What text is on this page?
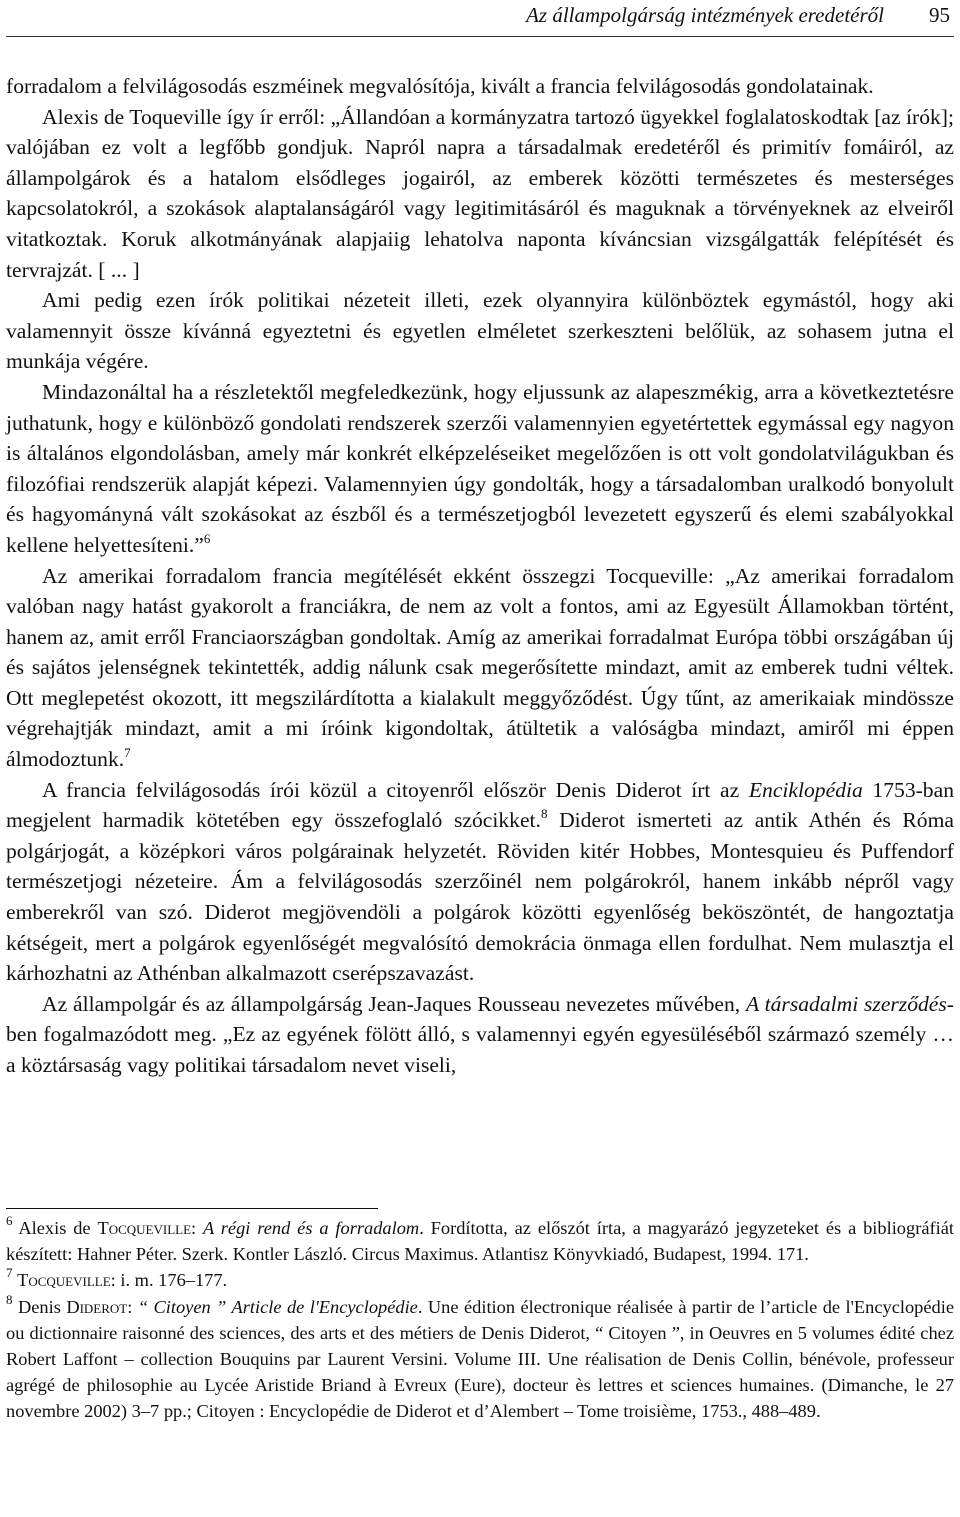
Az állampolgárság intézmények eredetéről 95

forradalom a felvilágosodás eszméinek megvalósítója, kivált a francia felvilágosodás gondolatainak.

Alexis de Toqueville így ír erről: „Állandóan a kormányzatra tartozó ügyekkel foglalatoskodtak [az írók]; valójában ez volt a legfőbb gondjuk. Napról napra a társadalmak eredetéről és primitív fomáiról, az állampolgárok és a hatalom elsődleges jogairól, az emberek közötti természetes és mesterséges kapcsolatokról, a szokások alaptalanságáról vagy legitimitásáról és maguknak a törvényeknek az elveiről vitatkoztak. Koruk alkotmányának alapjaiig lehatolva naponta kíváncsian vizsgálgatták felépítését és tervrajzát. [ ... ]

Ami pedig ezen írók politikai nézeteit illeti, ezek olyannyira különböztek egymástól, hogy aki valamennyit össze kívánná egyeztetni és egyetlen elméletet szerkeszteni belőlük, az sohasem jutna el munkája végére.

Mindazonáltal ha a részletektől megfeledkezünk, hogy eljussunk az alapeszmékig, arra a következtetésre juthatunk, hogy e különböző gondolati rendszerek szerzői valamennyien egyetértettek egymással egy nagyon is általános elgondolásban, amely már konkrét elképzeléseiket megelőzően is ott volt gondolatvilágukban és filozófiai rendszerük alapját képezi. Valamennyien úgy gondolták, hogy a társadalomban uralkodó bonyolult és hagyományná vált szokásokat az észből és a természetjogból levezetett egyszerű és elemi szabályokkal kellene helyettesíteni.”$^6$

Az amerikai forradalom francia megítélését ekként összegzi Tocqueville: „Az amerikai forradalom valóban nagy hatást gyakorolt a franciákra, de nem az volt a fontos, ami az Egyesült Államokban történt, hanem az, amit erről Franciaországban gondoltak. Amíg az amerikai forradalmat Európa többi országában új és sajátos jelenségnek tekintették, addig nálunk csak megerősítette mindazt, amit az emberek tudni véltek. Ott meglepetést okozott, itt megszilárdította a kialakult meggyőződést. Úgy tűnt, az amerikaiak mindössze végrehajtják mindazt, amit a mi íróink kigondoltak, átültetik a valóságba mindazt, amiről mi éppen álmodoztunk.$^7$

A francia felvilágosodás írói közül a citoyenről először Denis Diderot írt az Enciklopédia 1753-ban megjelent harmadik kötetében egy összefoglaló szócikket.$^8$ Diderot ismerteti az antik Athén és Róma polgárjogát, a középkori város polgárainak helyzetét. Röviden kitér Hobbes, Montesquieu és Puffendorf természetjogi nézeteire. Ám a felvilágosodás szerzőinél nem polgárokról, hanem inkább népről vagy emberekről van szó. Diderot megjövendöli a polgárok közötti egyenlőség beköszöntét, de hangoztatja kétségeit, mert a polgárok egyenlőségét megvalósító demokrácia önmaga ellen fordulhat. Nem mulasztja el kárhozhatni az Athénban alkalmazott cserépszavazást.

Az állampolgár és az állampolgárság Jean-Jaques Rousseau nevezetes művében, A társadalmi szerződés-ben fogalmazódott meg. „Ez az egyének fölött álló, s valamennyi egyén egyesüléséből származó személy … a köztársaság vagy politikai társadalom nevet viseli,

$^6$ Alexis de Tocqueville: A régi rend és a forradalom. Fordította, az előszót írta, a magyarázó jegyzeteket és a bibliográfiát készített: Hahner Péter. Szerk. Kontler László. Circus Maximus. Atlantisz Könyvkiadó, Budapest, 1994. 171.

$^7$ Tocqueville: i. m. 176–177.

$^8$ Denis Diderot: “ Citoyen ” Article de l'Encyclopédie. Une édition électronique réalisée à partir de l’article de l'Encyclopédie ou dictionnaire raisonné des sciences, des arts et des métiers de Denis Diderot, “ Citoyen ”, in Oeuvres en 5 volumes édité chez Robert Laffont – collection Bouquins par Laurent Versini. Volume III. Une réalisation de Denis Collin, bénévole, professeur agrégé de philosophie au Lycée Aristide Briand à Evreux (Eure), docteur ès lettres et sciences humaines. (Dimanche, le 27 novembre 2002) 3–7 pp.; Citoyen : Encyclopédie de Diderot et d’Alembert – Tome troisième, 1753., 488–489.
